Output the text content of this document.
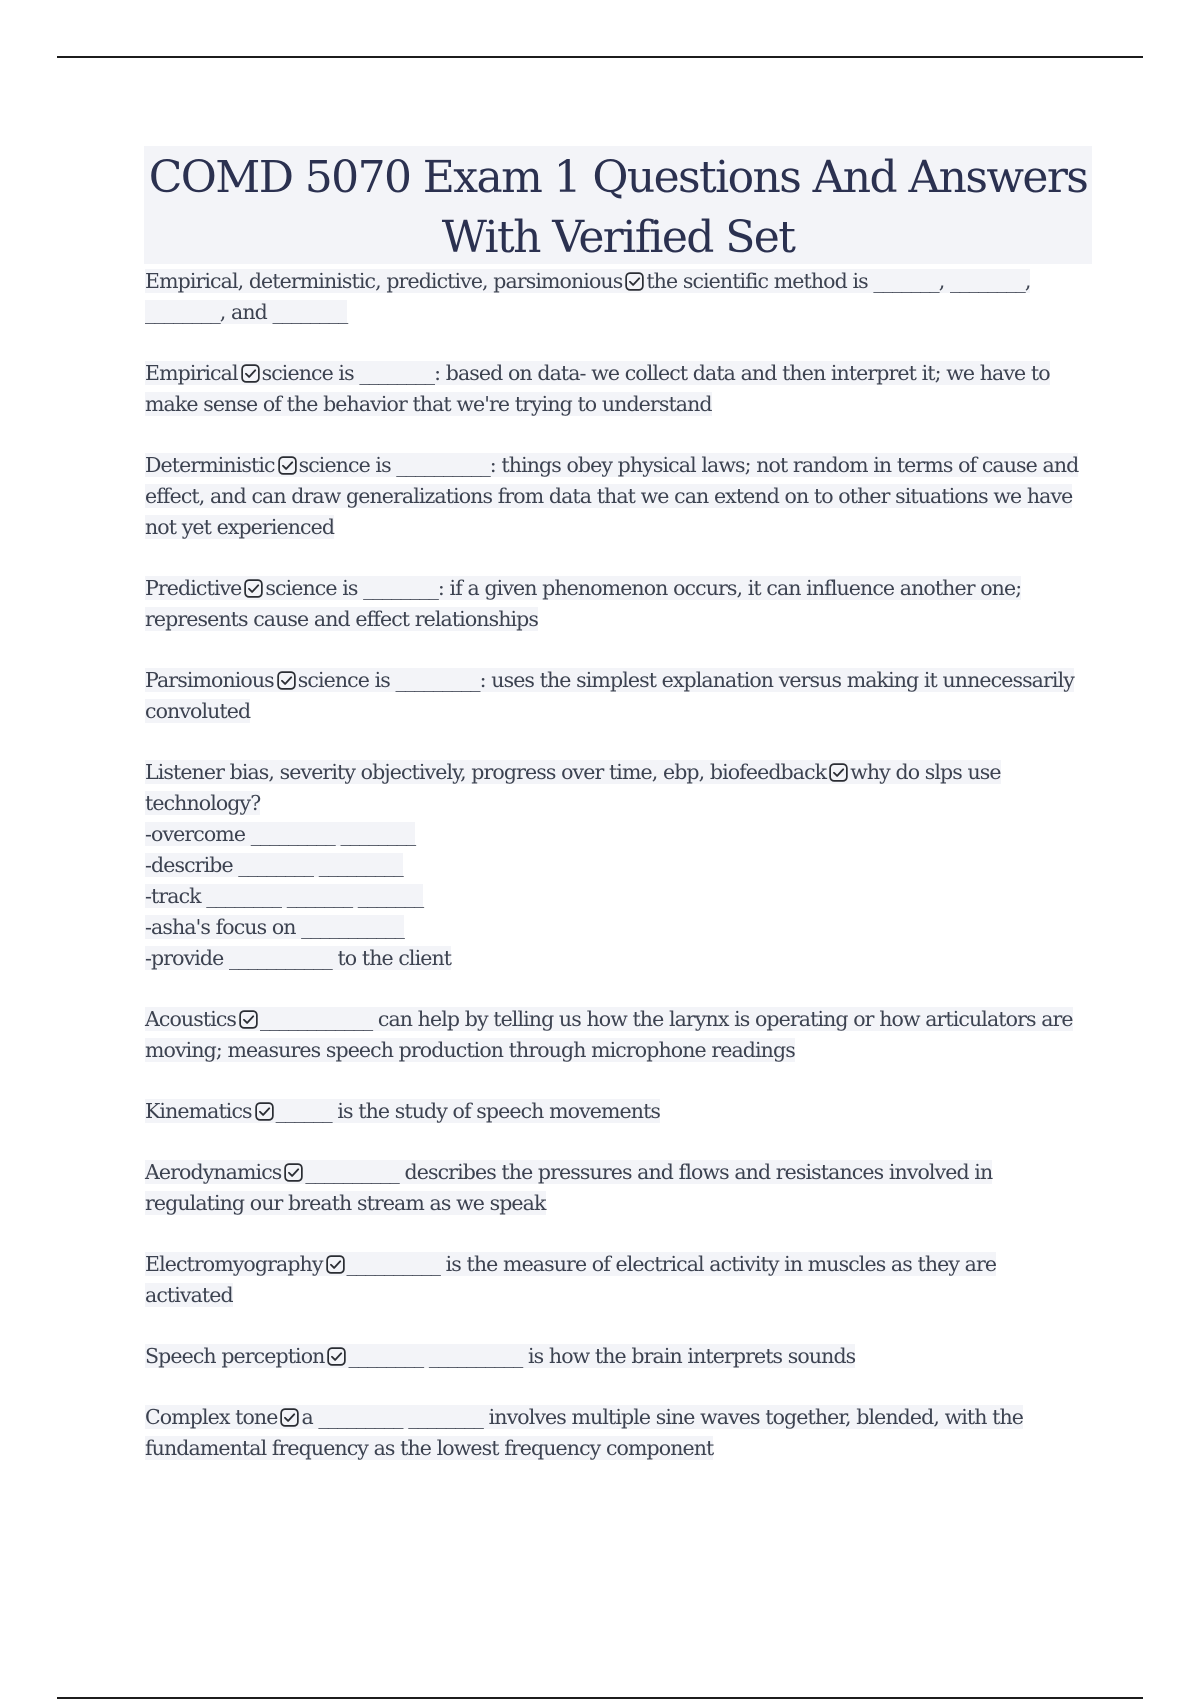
COMD 5070 Exam 1 Questions And Answers With Verified Set

Empirical, deterministic, predictive, parsimonious the scientific method is _______, ________, ________, and ________

Empirical science is ________: based on data- we collect data and then interpret it; we have to make sense of the behavior that we're trying to understand

Deterministic science is __________: things obey physical laws; not random in terms of cause and effect, and can draw generalizations from data that we can extend on to other situations we have not yet experienced

Predictive science is ________: if a given phenomenon occurs, it can influence another one; represents cause and effect relationships

Parsimonious science is _________: uses the simplest explanation versus making it unnecessarily convoluted

Listener bias, severity objectively, progress over time, ebp, biofeedback why do slps use technology?
-overcome _________ ________
-describe ________ _________
-track ________ _______ _______
-asha's focus on ___________
-provide ___________ to the client

Acoustics ____________ can help by telling us how the larynx is operating or how articulators are moving; measures speech production through microphone readings

Kinematics ______ is the study of speech movements

Aerodynamics __________ describes the pressures and flows and resistances involved in regulating our breath stream as we speak

Electromyography __________ is the measure of electrical activity in muscles as they are activated

Speech perception ________ __________ is how the brain interprets sounds

Complex tone a _________ ________ involves multiple sine waves together, blended, with the fundamental frequency as the lowest frequency component
